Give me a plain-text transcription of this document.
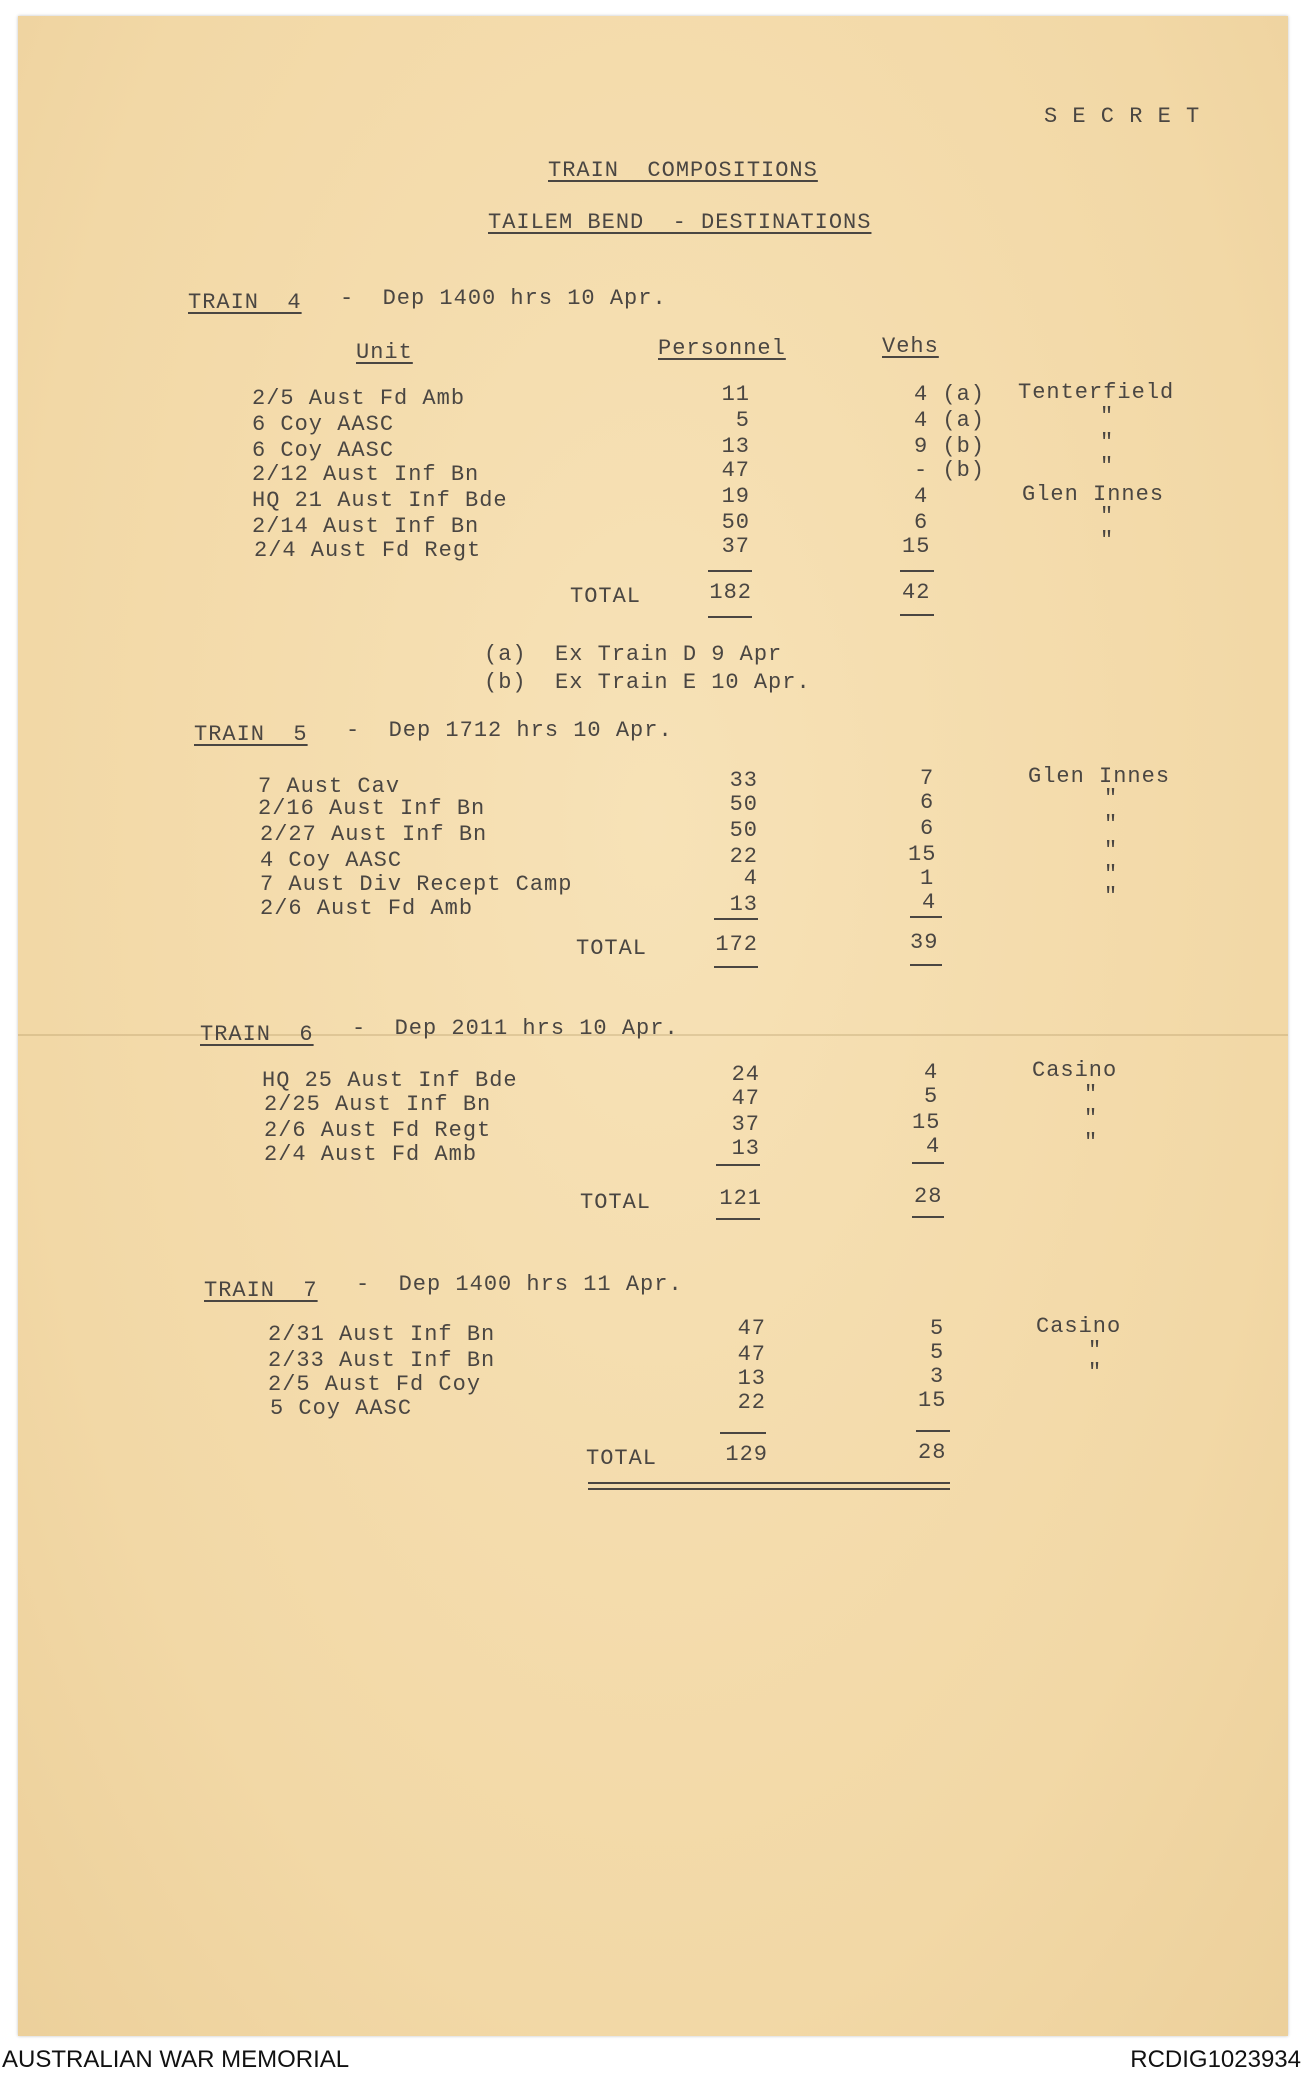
S E C R E T
TRAIN  COMPOSITIONS
TAILEM BEND  - DESTINATIONS
TRAIN  4 -  Dep 1400 hrs 10 Apr.
Unit	Personnel	Vehs
2/5 Aust Fd Amb	11	4 (a) Tenterfield
6 Coy AASC	5	4 (a)	"
6 Coy AASC	13	9 (b)	"
2/12 Aust Inf Bn	47	- (b)	"
HQ 21 Aust Inf Bde	19	4	Glen Innes
2/14 Aust Inf Bn	50	6	"
2/4 Aust Fd Regt	37	15	"
TOTAL	182	42
(a)  Ex Train D 9 Apr
(b)  Ex Train E 10 Apr.
TRAIN  5 -  Dep 1712 hrs 10 Apr.
7 Aust Cav	33	7	Glen Innes
2/16 Aust Inf Bn	50	6	"
2/27 Aust Inf Bn	50	6	"
4 Coy AASC	22	15	"
7 Aust Div Recept Camp	4	1	"
2/6 Aust Fd Amb	13	4	"
TOTAL	172	39
TRAIN  6 -  Dep 2011 hrs 10 Apr.
HQ 25 Aust Inf Bde	24	4	Casino
2/25 Aust Inf Bn	47	5	"
2/6 Aust Fd Regt	37	15	"
2/4 Aust Fd Amb	13	4	"
TOTAL	121	28
TRAIN  7 -  Dep 1400 hrs 11 Apr.
2/31 Aust Inf Bn	47	5	Casino
2/33 Aust Inf Bn	47	5	"
2/5 Aust Fd Coy	13	3	"
5 Coy AASC	22	15
TOTAL	129	28
AUSTRALIAN WAR MEMORIAL	RCDIG1023934
